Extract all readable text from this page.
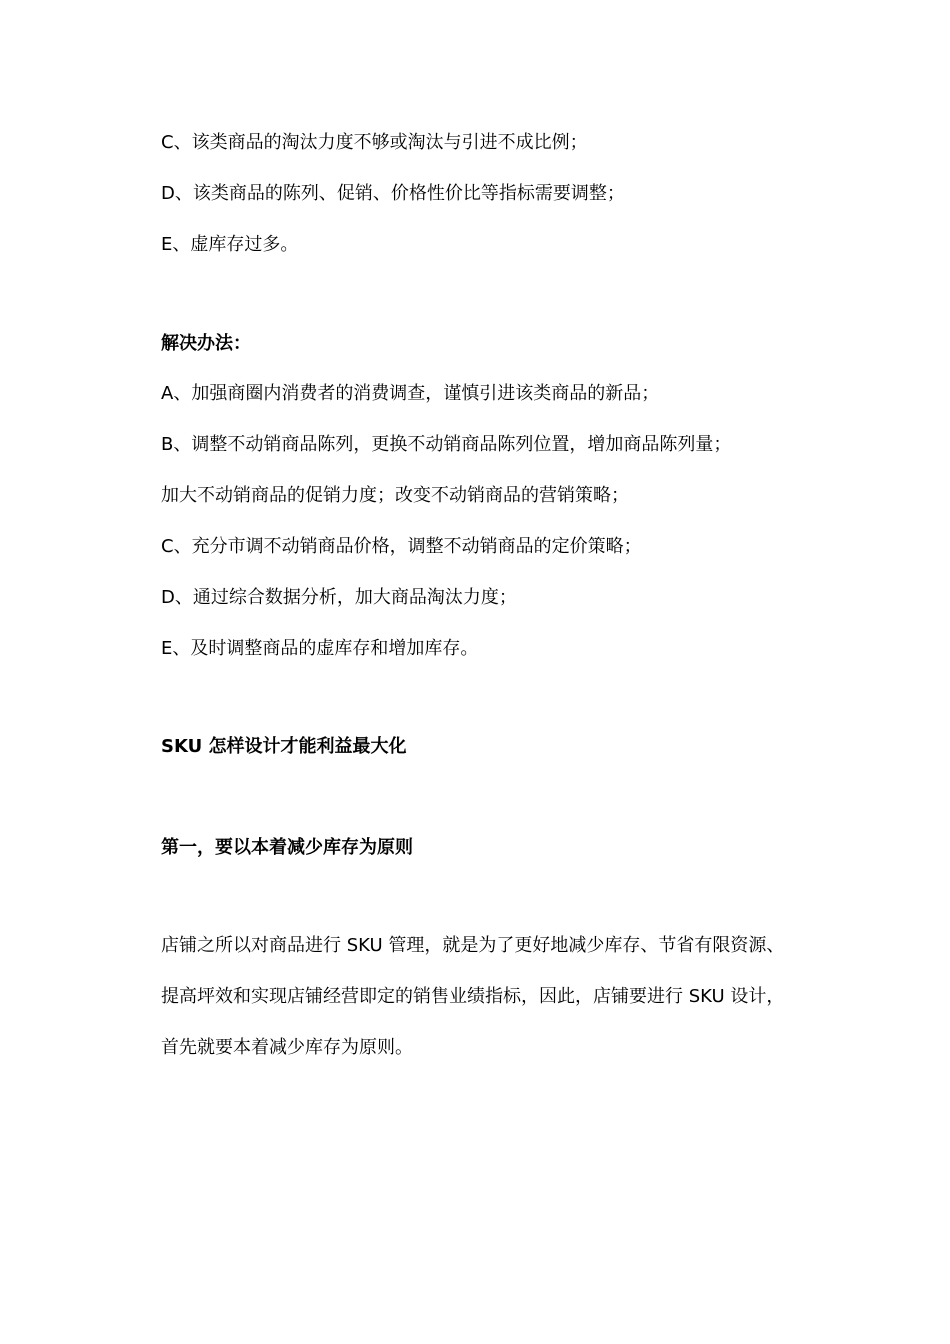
C、该类商品的淘汰力度不够或淘汰与引进不成比例；

D、该类商品的陈列、促销、价格性价比等指标需要调整；

E、虚库存过多。

解决办法：

A、加强商圈内消费者的消费调查，谨慎引进该类商品的新品；

B、调整不动销商品陈列，更换不动销商品陈列位置，增加商品陈列量；

加大不动销商品的促销力度；改变不动销商品的营销策略；

C、充分市调不动销商品价格，调整不动销商品的定价策略；

D、通过综合数据分析，加大商品淘汰力度；

E、及时调整商品的虚库存和增加库存。

SKU 怎样设计才能利益最大化

第一，要以本着减少库存为原则

店铺之所以对商品进行 SKU 管理，就是为了更好地减少库存、节省有限资源、

提高坪效和实现店铺经营即定的销售业绩指标，因此，店铺要进行 SKU 设计，

首先就要本着减少库存为原则。
